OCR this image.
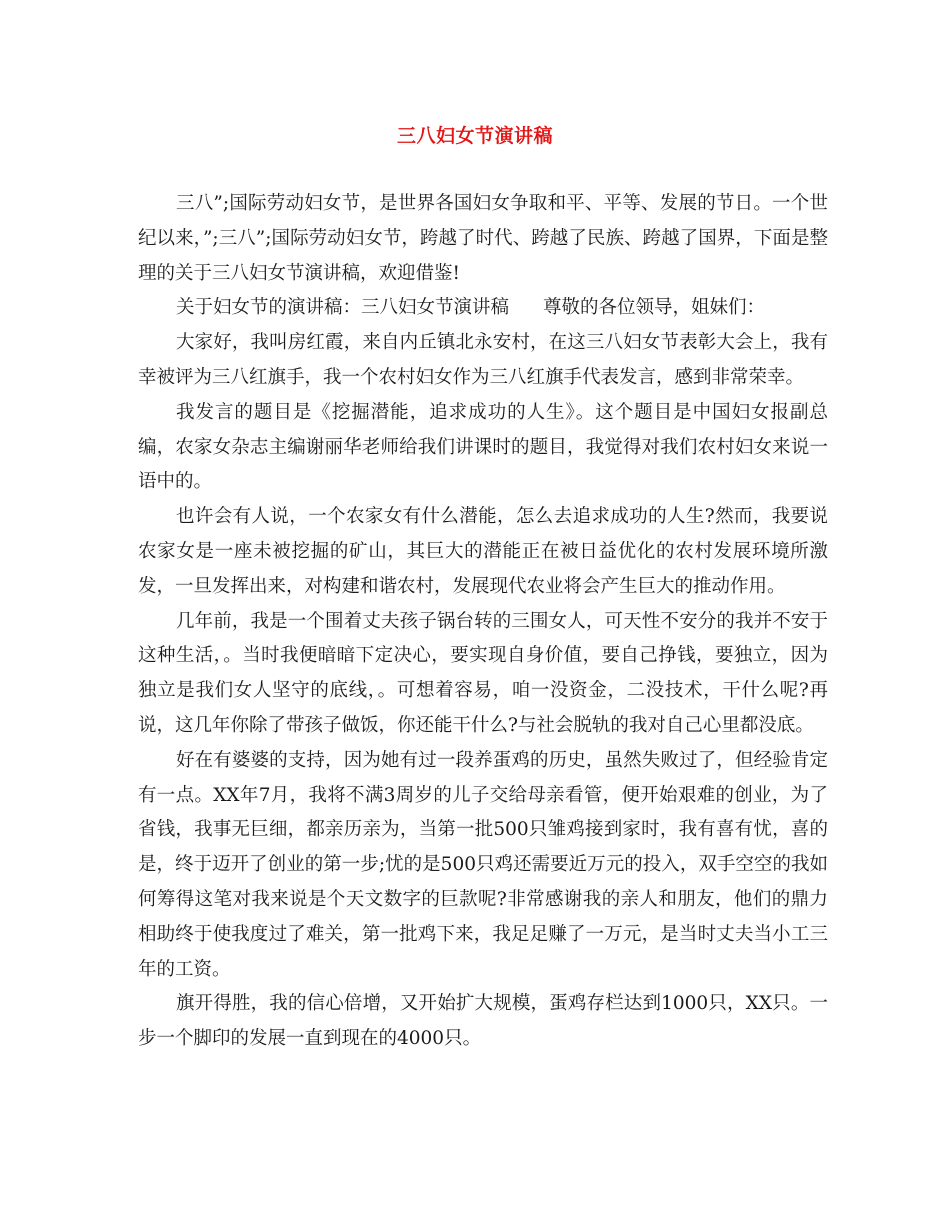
三八妇女节演讲稿

三八”;国际劳动妇女节，是世界各国妇女争取和平、平等、发展的节日。一个世纪以来，”;三八”;国际劳动妇女节，跨越了时代、跨越了民族、跨越了国界，下面是整理的关于三八妇女节演讲稿，欢迎借鉴!

关于妇女节的演讲稿：三八妇女节演讲稿 尊敬的各位领导，姐妹们：

大家好，我叫房红霞，来自内丘镇北永安村，在这三八妇女节表彰大会上，我有幸被评为三八红旗手，我一个农村妇女作为三八红旗手代表发言，感到非常荣幸。

我发言的题目是《挖掘潜能，追求成功的人生》。这个题目是中国妇女报副总编，农家女杂志主编谢丽华老师给我们讲课时的题目，我觉得对我们农村妇女来说一语中的。

也许会有人说，一个农家女有什么潜能，怎么去追求成功的人生?然而，我要说农家女是一座未被挖掘的矿山，其巨大的潜能正在被日益优化的农村发展环境所激发，一旦发挥出来，对构建和谐农村，发展现代农业将会产生巨大的推动作用。

几年前，我是一个围着丈夫孩子锅台转的三围女人，可天性不安分的我并不安于这种生活，。当时我便暗暗下定决心，要实现自身价值，要自己挣钱，要独立，因为独立是我们女人坚守的底线，。可想着容易，咱一没资金，二没技术，干什么呢?再说，这几年你除了带孩子做饭，你还能干什么?与社会脱轨的我对自己心里都没底。

好在有婆婆的支持，因为她有过一段养蛋鸡的历史，虽然失败过了，但经验肯定有一点。XX年7月，我将不满3周岁的儿子交给母亲看管，便开始艰难的创业，为了省钱，我事无巨细，都亲历亲为，当第一批500只雏鸡接到家时，我有喜有忧，喜的是，终于迈开了创业的第一步;忧的是500只鸡还需要近万元的投入，双手空空的我如何筹得这笔对我来说是个天文数字的巨款呢?非常感谢我的亲人和朋友，他们的鼎力相助终于使我度过了难关，第一批鸡下来，我足足赚了一万元，是当时丈夫当小工三年的工资。

旗开得胜，我的信心倍增，又开始扩大规模，蛋鸡存栏达到1000只，XX只。一步一个脚印的发展一直到现在的4000只。
